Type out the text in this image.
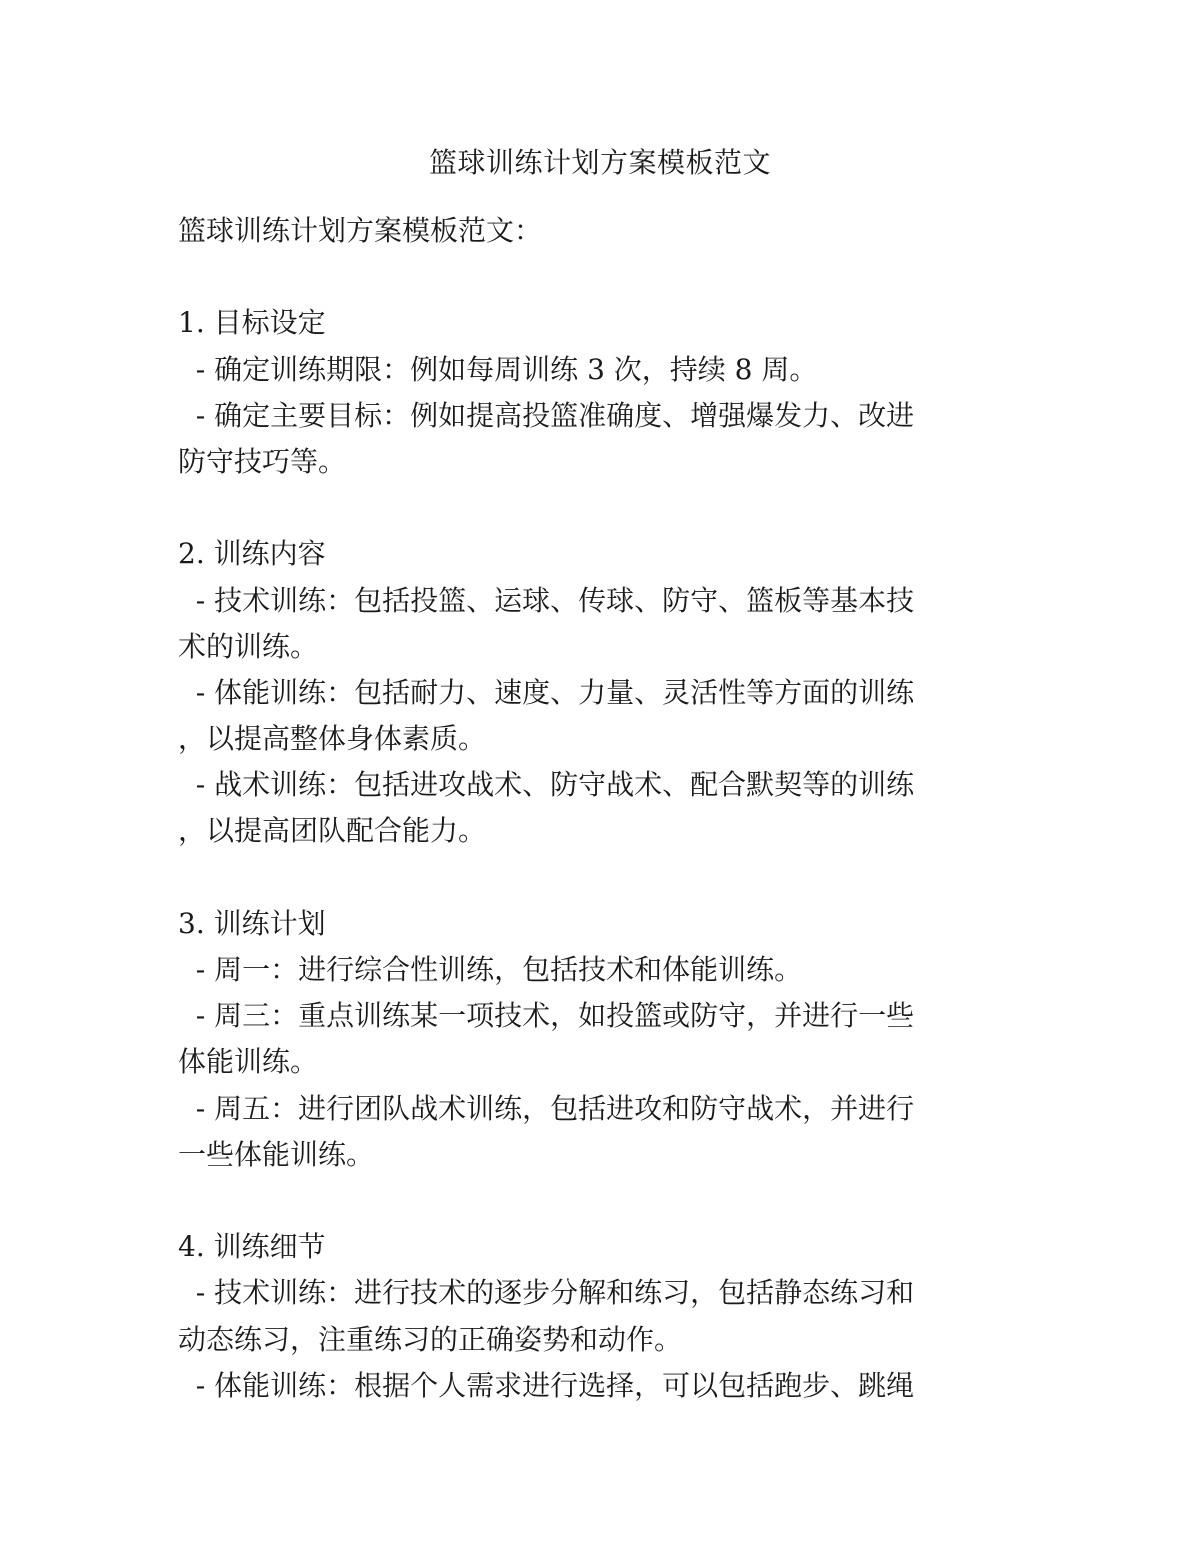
篮球训练计划方案模板范文
篮球训练计划方案模板范文：
1. 目标设定
- 确定训练期限：例如每周训练 3 次，持续 8 周。
- 确定主要目标：例如提高投篮准确度、增强爆发力、改进
防守技巧等。
2. 训练内容
- 技术训练：包括投篮、运球、传球、防守、篮板等基本技
术的训练。
- 体能训练：包括耐力、速度、力量、灵活性等方面的训练
，以提高整体身体素质。
- 战术训练：包括进攻战术、防守战术、配合默契等的训练
，以提高团队配合能力。
3. 训练计划
- 周一：进行综合性训练，包括技术和体能训练。
- 周三：重点训练某一项技术，如投篮或防守，并进行一些
体能训练。
- 周五：进行团队战术训练，包括进攻和防守战术，并进行
一些体能训练。
4. 训练细节
- 技术训练：进行技术的逐步分解和练习，包括静态练习和
动态练习，注重练习的正确姿势和动作。
- 体能训练：根据个人需求进行选择，可以包括跑步、跳绳
